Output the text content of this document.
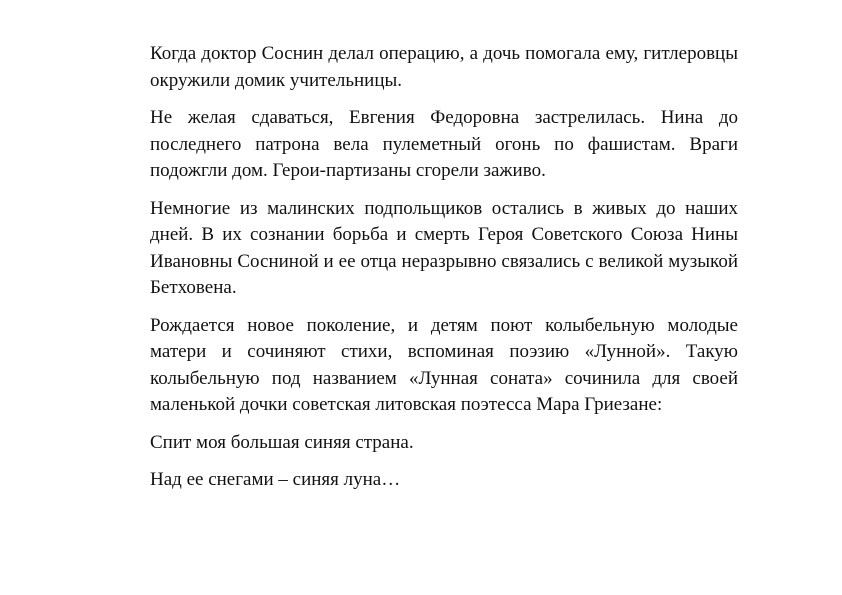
Когда доктор Соснин делал операцию, а дочь помогала ему, гитлеровцы окружили домик учительницы.

Не желая сдаваться, Евгения Федоровна застрелилась. Нина до последнего патрона вела пулеметный огонь по фашистам. Враги подожгли дом. Герои-партизаны сгорели заживо.

Немногие из малинских подпольщиков остались в живых до наших дней. В их сознании борьба и смерть Героя Советского Союза Нины Ивановны Сосниной и ее отца неразрывно связались с великой музыкой Бетховена.

Рождается новое поколение, и детям поют колыбельную молодые матери и сочиняют стихи, вспоминая поэзию «Лунной». Такую колыбельную под названием «Лунная соната» сочинила для своей маленькой дочки советская литовская поэтесса Мара Гриезане:

Спит моя большая синяя страна.

Над ее снегами – синяя луна…
